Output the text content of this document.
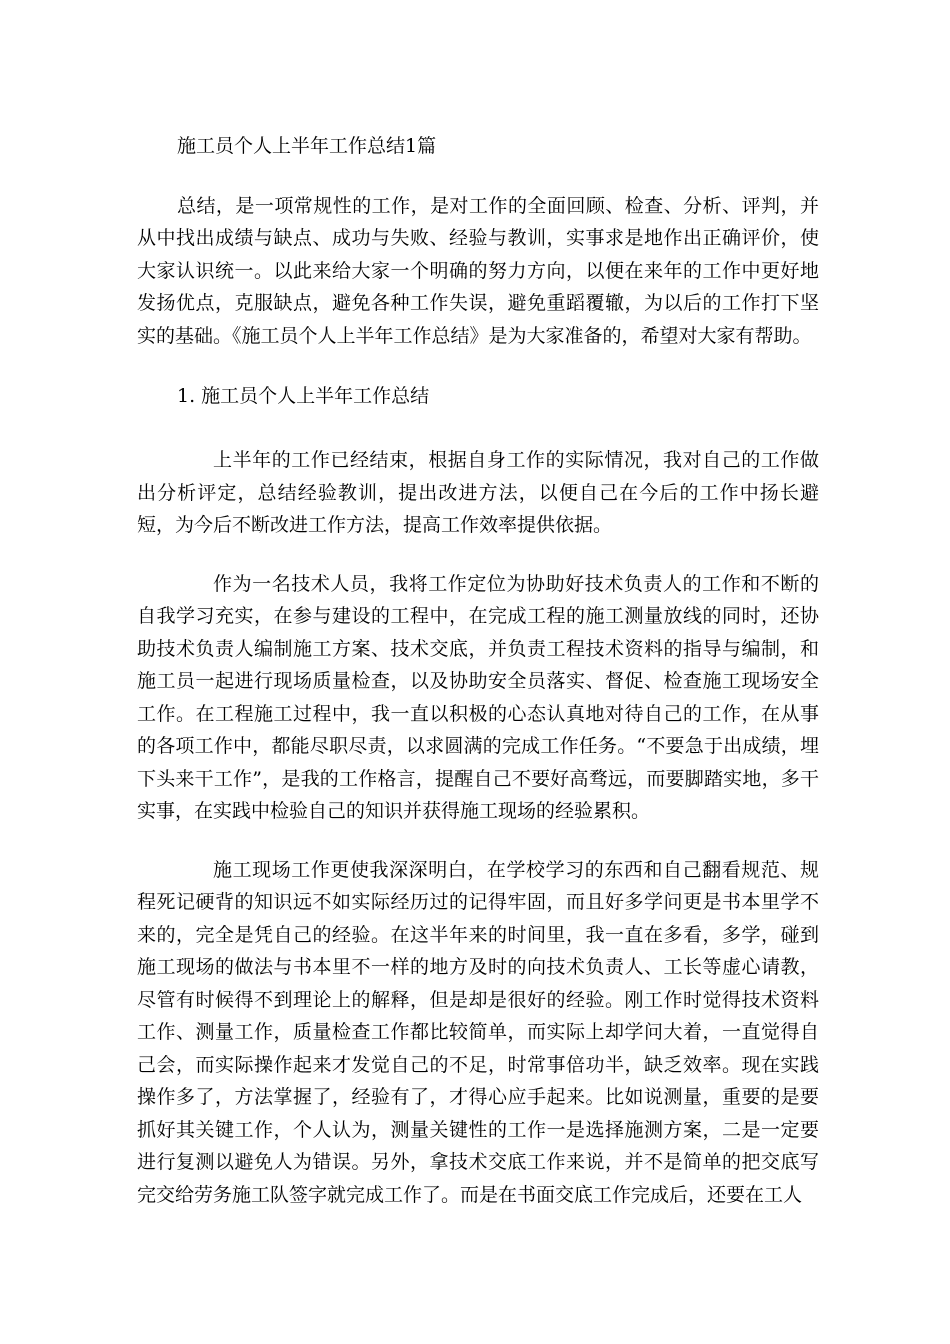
施工员个人上半年工作总结1篇

总结，是一项常规性的工作，是对工作的全面回顾、检查、分析、评判，并从中找出成绩与缺点、成功与失败、经验与教训，实事求是地作出正确评价，使大家认识统一。以此来给大家一个明确的努力方向，以便在来年的工作中更好地发扬优点，克服缺点，避免各种工作失误，避免重蹈覆辙，为以后的工作打下坚实的基础。《施工员个人上半年工作总结》是为大家准备的，希望对大家有帮助。

1. 施工员个人上半年工作总结

上半年的工作已经结束，根据自身工作的实际情况，我对自己的工作做出分析评定，总结经验教训，提出改进方法，以便自己在今后的工作中扬长避短，为今后不断改进工作方法，提高工作效率提供依据。

作为一名技术人员，我将工作定位为协助好技术负责人的工作和不断的自我学习充实，在参与建设的工程中，在完成工程的施工测量放线的同时，还协助技术负责人编制施工方案、技术交底，并负责工程技术资料的指导与编制，和施工员一起进行现场质量检查，以及协助安全员落实、督促、检查施工现场安全工作。在工程施工过程中，我一直以积极的心态认真地对待自己的工作，在从事的各项工作中，都能尽职尽责，以求圆满的完成工作任务。“不要急于出成绩，埋下头来干工作”，是我的工作格言，提醒自己不要好高骛远，而要脚踏实地，多干实事，在实践中检验自己的知识并获得施工现场的经验累积。

施工现场工作更使我深深明白，在学校学习的东西和自己翻看规范、规程死记硬背的知识远不如实际经历过的记得牢固，而且好多学问更是书本里学不来的，完全是凭自己的经验。在这半年来的时间里，我一直在多看，多学，碰到施工现场的做法与书本里不一样的地方及时的向技术负责人、工长等虚心请教，尽管有时候得不到理论上的解释，但是却是很好的经验。刚工作时觉得技术资料工作、测量工作，质量检查工作都比较简单，而实际上却学问大着，一直觉得自己会，而实际操作起来才发觉自己的不足，时常事倍功半，缺乏效率。现在实践操作多了，方法掌握了，经验有了，才得心应手起来。比如说测量，重要的是要抓好其关键工作，个人认为，测量关键性的工作一是选择施测方案，二是一定要进行复测以避免人为错误。另外，拿技术交底工作来说，并不是简单的把交底写完交给劳务施工队签字就完成工作了。而是在书面交底工作完成后，还要在工人
